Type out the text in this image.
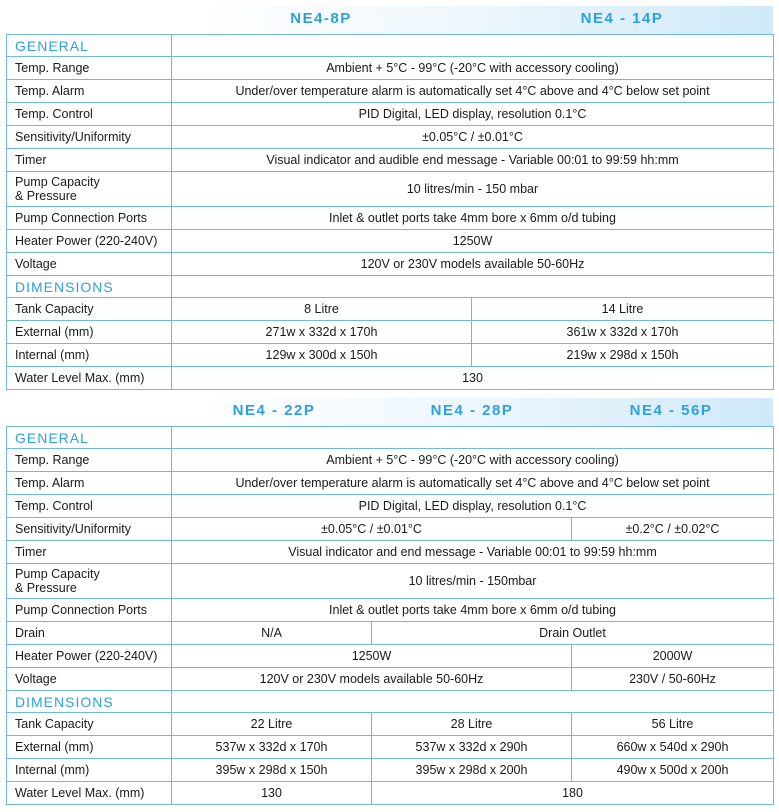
NE4-8P	NE4 - 14P
GENERAL		
Temp. Range	Ambient + 5°C - 99°C (-20°C with accessory cooling)	
Temp. Alarm	Under/over temperature alarm is automatically set 4°C above and 4°C below set point	
Temp. Control	PID Digital, LED display, resolution 0.1°C	
Sensitivity/Uniformity	±0.05°C / ±0.01°C	
Timer	Visual indicator and audible end message - Variable 00:01 to 99:59 hh:mm	
Pump Capacity
& Pressure	10 litres/min - 150 mbar	
Pump Connection Ports	Inlet & outlet ports take 4mm bore x 6mm o/d tubing	
Heater Power (220-240V)	1250W	
Voltage	120V or 230V models available 50-60Hz	
DIMENSIONS		
Tank Capacity	8 Litre	14 Litre
External (mm)	271w x 332d x 170h	361w x 332d x 170h
Internal (mm)	129w x 300d x 150h	219w x 298d x 150h
Water Level Max. (mm)	130	
NE4 - 22P	NE4 - 28P	NE4 - 56P
GENERAL			
Temp. Range	Ambient + 5°C - 99°C (-20°C with accessory cooling)		
Temp. Alarm	Under/over temperature alarm is automatically set 4°C above and 4°C below set point		
Temp. Control	PID Digital, LED display, resolution 0.1°C		
Sensitivity/Uniformity	±0.05°C / ±0.01°C		±0.2°C / ±0.02°C
Timer	Visual indicator and end message - Variable 00:01 to 99:59 hh:mm		
Pump Capacity
& Pressure	10 litres/min - 150mbar		
Pump Connection Ports	Inlet & outlet ports take 4mm bore x 6mm o/d tubing		
Drain	N/A	Drain Outlet	
Heater Power (220-240V)	1250W		2000W
Voltage	120V or 230V models available 50-60Hz		230V / 50-60Hz
DIMENSIONS			
Tank Capacity	22 Litre	28 Litre	56 Litre
External (mm)	537w x 332d x 170h	537w x 332d x 290h	660w x 540d x 290h
Internal (mm)	395w x 298d x 150h	395w x 298d x 200h	490w x 500d x 200h
Water Level Max. (mm)	130	180	
